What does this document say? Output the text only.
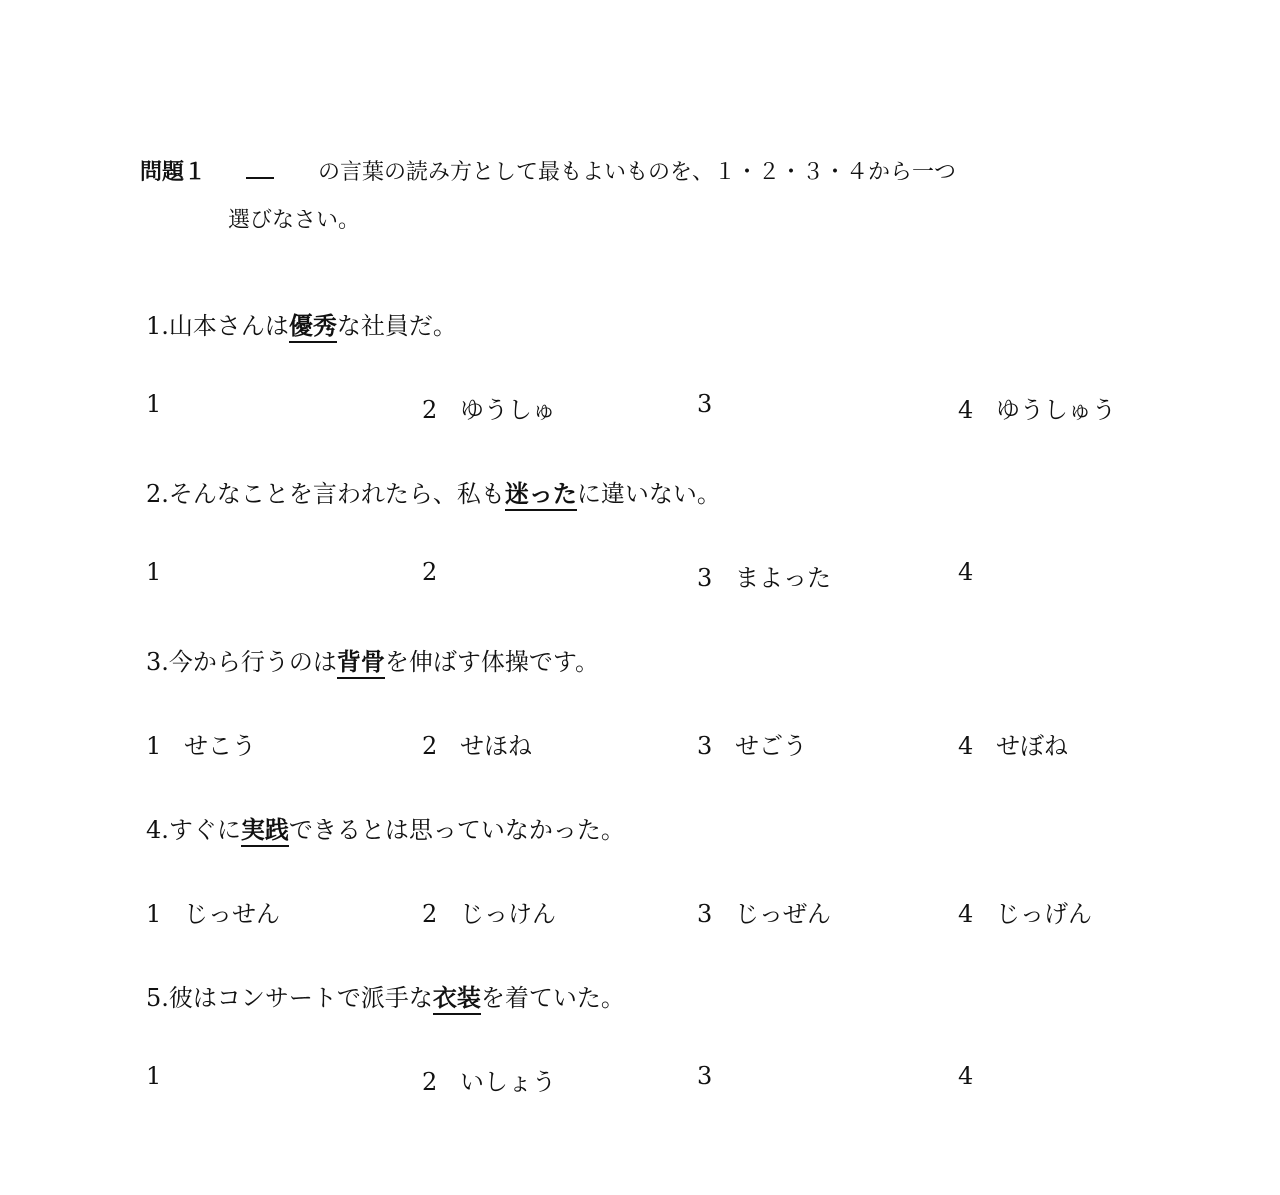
問題１	の言葉の読み方として最もよいものを、１・２・３・４から一つ
選びなさい。
1.山本さんは優秀な社員だ。
1	2 ゆうしゅ	3	4 ゆうしゅう
2.そんなことを言われたら、私も迷ったに違いない。
1	2	3 まよった	4
3.今から行うのは背骨を伸ばす体操です。
1 せこう	2 せほね	3 せごう	4 せぼね
4.すぐに実践できるとは思っていなかった。
1 じっせん	2 じっけん	3 じっぜん	4 じっげん
5.彼はコンサートで派手な衣装を着ていた。
1	2 いしょう	3	4
